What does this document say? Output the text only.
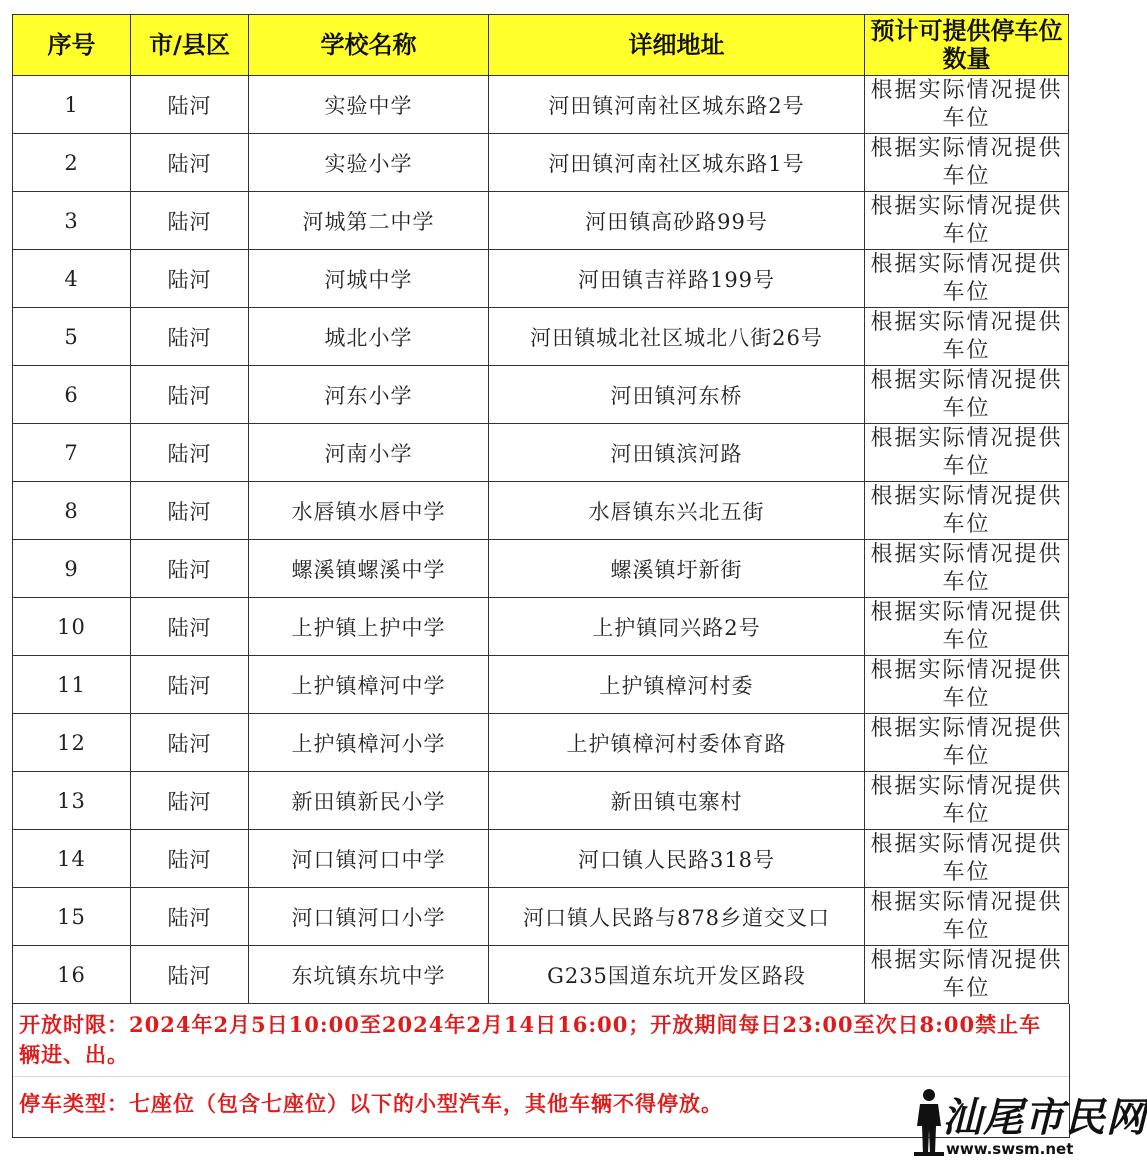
序号	市/县区	学校名称	详细地址	预计可提供停车位数量
1	陆河	实验中学	河田镇河南社区城东路2号	根据实际情况提供车位
2	陆河	实验小学	河田镇河南社区城东路1号	根据实际情况提供车位
3	陆河	河城第二中学	河田镇高砂路99号	根据实际情况提供车位
4	陆河	河城中学	河田镇吉祥路199号	根据实际情况提供车位
5	陆河	城北小学	河田镇城北社区城北八街26号	根据实际情况提供车位
6	陆河	河东小学	河田镇河东桥	根据实际情况提供车位
7	陆河	河南小学	河田镇滨河路	根据实际情况提供车位
8	陆河	水唇镇水唇中学	水唇镇东兴北五街	根据实际情况提供车位
9	陆河	螺溪镇螺溪中学	螺溪镇圩新街	根据实际情况提供车位
10	陆河	上护镇上护中学	上护镇同兴路2号	根据实际情况提供车位
11	陆河	上护镇樟河中学	上护镇樟河村委	根据实际情况提供车位
12	陆河	上护镇樟河小学	上护镇樟河村委体育路	根据实际情况提供车位
13	陆河	新田镇新民小学	新田镇屯寨村	根据实际情况提供车位
14	陆河	河口镇河口中学	河口镇人民路318号	根据实际情况提供车位
15	陆河	河口镇河口小学	河口镇人民路与878乡道交叉口	根据实际情况提供车位
16	陆河	东坑镇东坑中学	G235国道东坑开发区路段	根据实际情况提供车位
开放时限：2024年2月5日10:00至2024年2月14日16:00；开放期间每日23:00至次日8:00禁止车辆进、出。
停车类型：七座位（包含七座位）以下的小型汽车，其他车辆不得停放。	汕尾市民网
www.swsm.net
